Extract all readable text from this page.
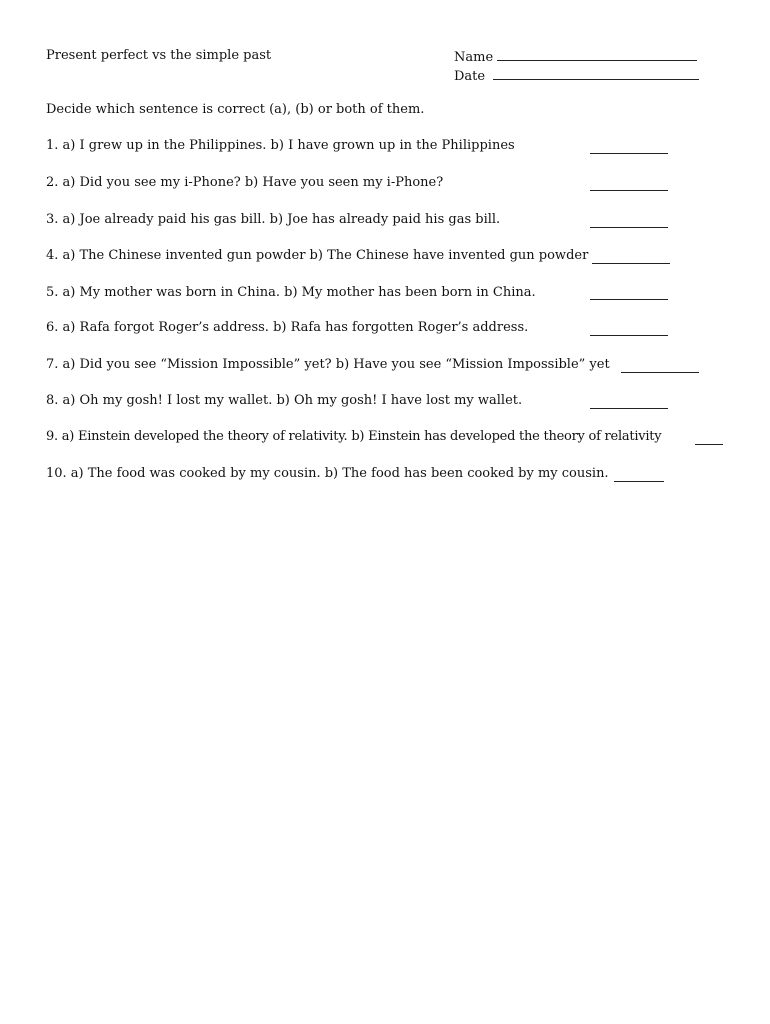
Present perfect vs the simple past	Name
Date
Decide which sentence is correct (a), (b) or both of them.
1. a) I grew up in the Philippines. b) I have grown up in the Philippines
2. a) Did you see my i-Phone? b) Have you seen my i-Phone?
3. a) Joe already paid his gas bill. b) Joe has already paid his gas bill.
4. a) The Chinese invented gun powder b) The Chinese have invented gun powder
5. a) My mother was born in China. b) My mother has been born in China.
6. a) Rafa forgot Roger’s address. b) Rafa has forgotten Roger’s address.
7. a) Did you see “Mission Impossible” yet? b) Have you see “Mission Impossible” yet
8. a) Oh my gosh! I lost my wallet. b) Oh my gosh! I have lost my wallet.
9. a) Einstein developed the theory of relativity. b) Einstein has developed the theory of relativity
10. a) The food was cooked by my cousin. b) The food has been cooked by my cousin.
